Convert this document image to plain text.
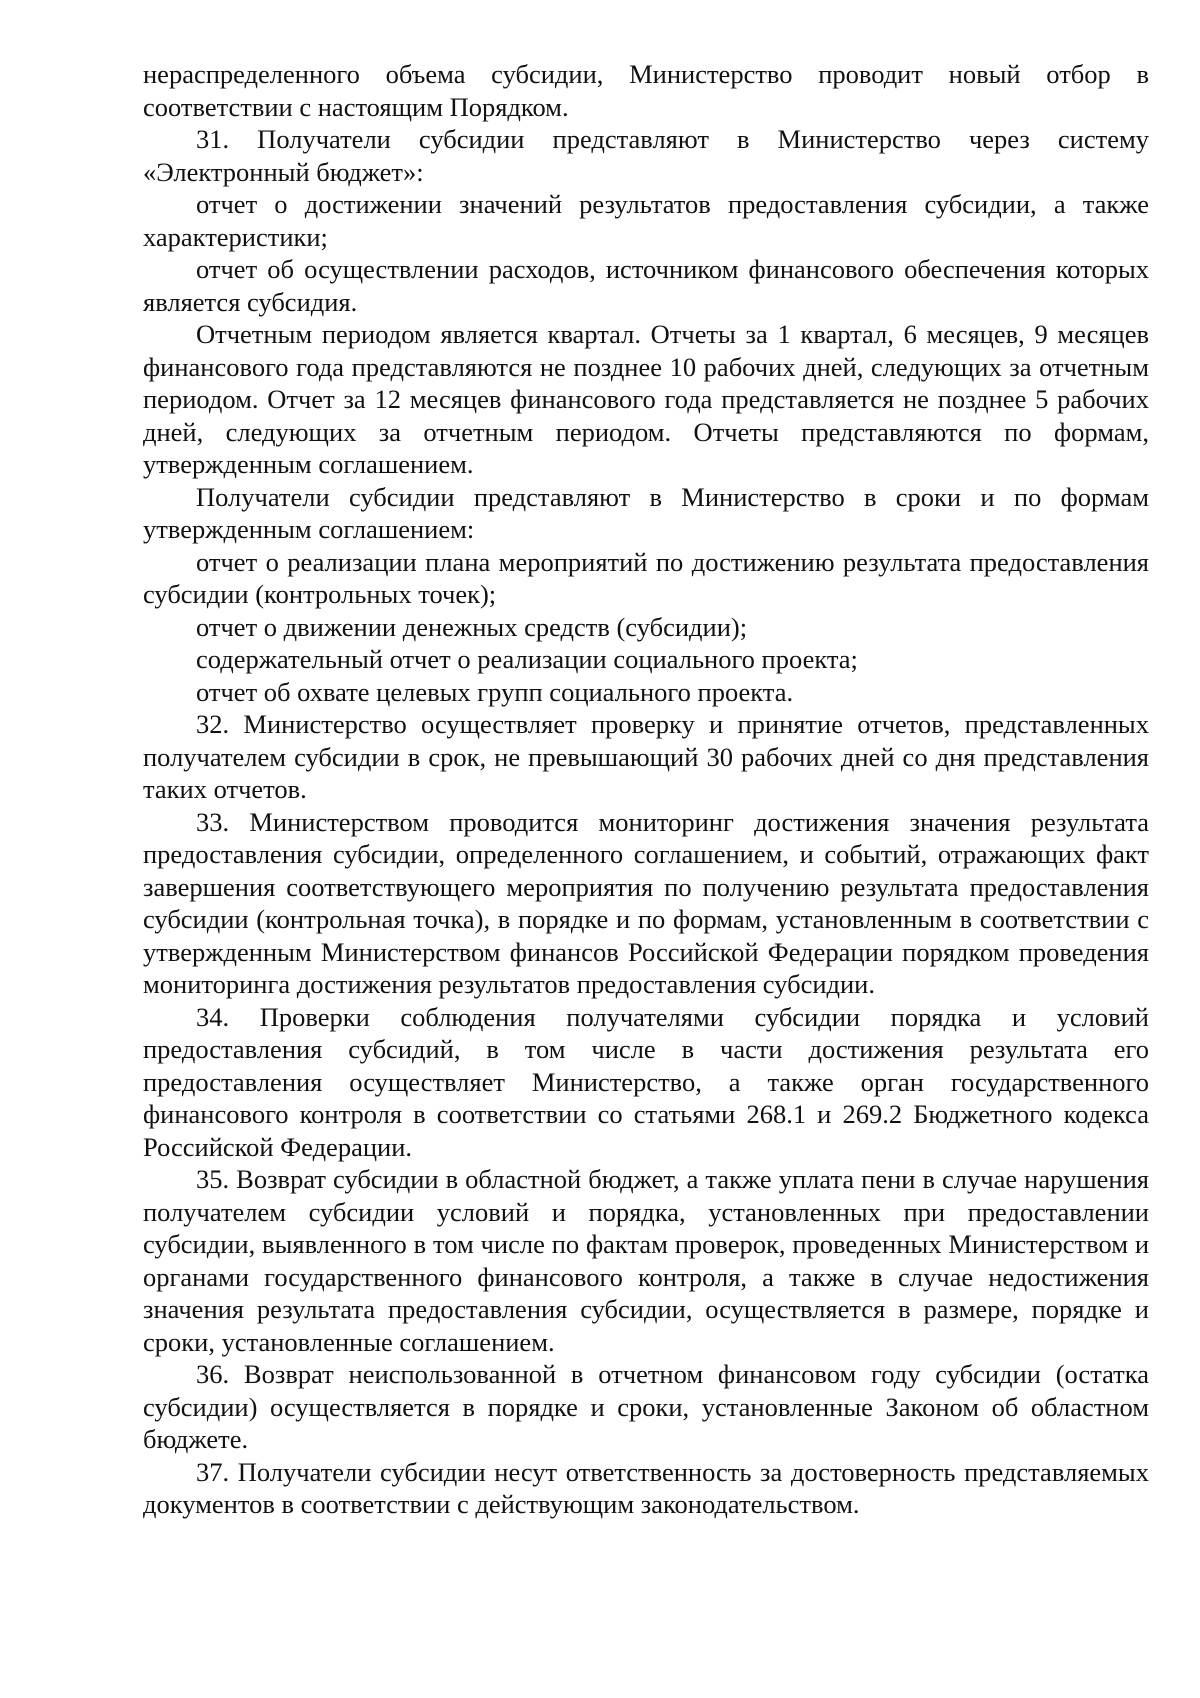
нераспределенного объема субсидии, Министерство проводит новый отбор в соответствии с настоящим Порядком.

31. Получатели субсидии представляют в Министерство через систему «Электронный бюджет»:

отчет о достижении значений результатов предоставления субсидии, а также характеристики;

отчет об осуществлении расходов, источником финансового обеспечения которых является субсидия.

Отчетным периодом является квартал. Отчеты за 1 квартал, 6 месяцев, 9 месяцев финансового года представляются не позднее 10 рабочих дней, следующих за отчетным периодом. Отчет за 12 месяцев финансового года представляется не позднее 5 рабочих дней, следующих за отчетным периодом. Отчеты представляются по формам, утвержденным соглашением.

Получатели субсидии представляют в Министерство в сроки и по формам утвержденным соглашением:

отчет о реализации плана мероприятий по достижению результата предоставления субсидии (контрольных точек);

отчет о движении денежных средств (субсидии);

содержательный отчет о реализации социального проекта;

отчет об охвате целевых групп социального проекта.

32. Министерство осуществляет проверку и принятие отчетов, представленных получателем субсидии в срок, не превышающий 30 рабочих дней со дня представления таких отчетов.

33. Министерством проводится мониторинг достижения значения результата предоставления субсидии, определенного соглашением, и событий, отражающих факт завершения соответствующего мероприятия по получению результата предоставления субсидии (контрольная точка), в порядке и по формам, установленным в соответствии с утвержденным Министерством финансов Российской Федерации порядком проведения мониторинга достижения результатов предоставления субсидии.

34. Проверки соблюдения получателями субсидии порядка и условий предоставления субсидий, в том числе в части достижения результата его предоставления осуществляет Министерство, а также орган государственного финансового контроля в соответствии со статьями 268.1 и 269.2 Бюджетного кодекса Российской Федерации.

35. Возврат субсидии в областной бюджет, а также уплата пени в случае нарушения получателем субсидии условий и порядка, установленных при предоставлении субсидии, выявленного в том числе по фактам проверок, проведенных Министерством и органами государственного финансового контроля, а также в случае недостижения значения результата предоставления субсидии, осуществляется в размере, порядке и сроки, установленные соглашением.

36. Возврат неиспользованной в отчетном финансовом году субсидии (остатка субсидии) осуществляется в порядке и сроки, установленные Законом об областном бюджете.

37. Получатели субсидии несут ответственность за достоверность представляемых документов в соответствии с действующим законодательством.
